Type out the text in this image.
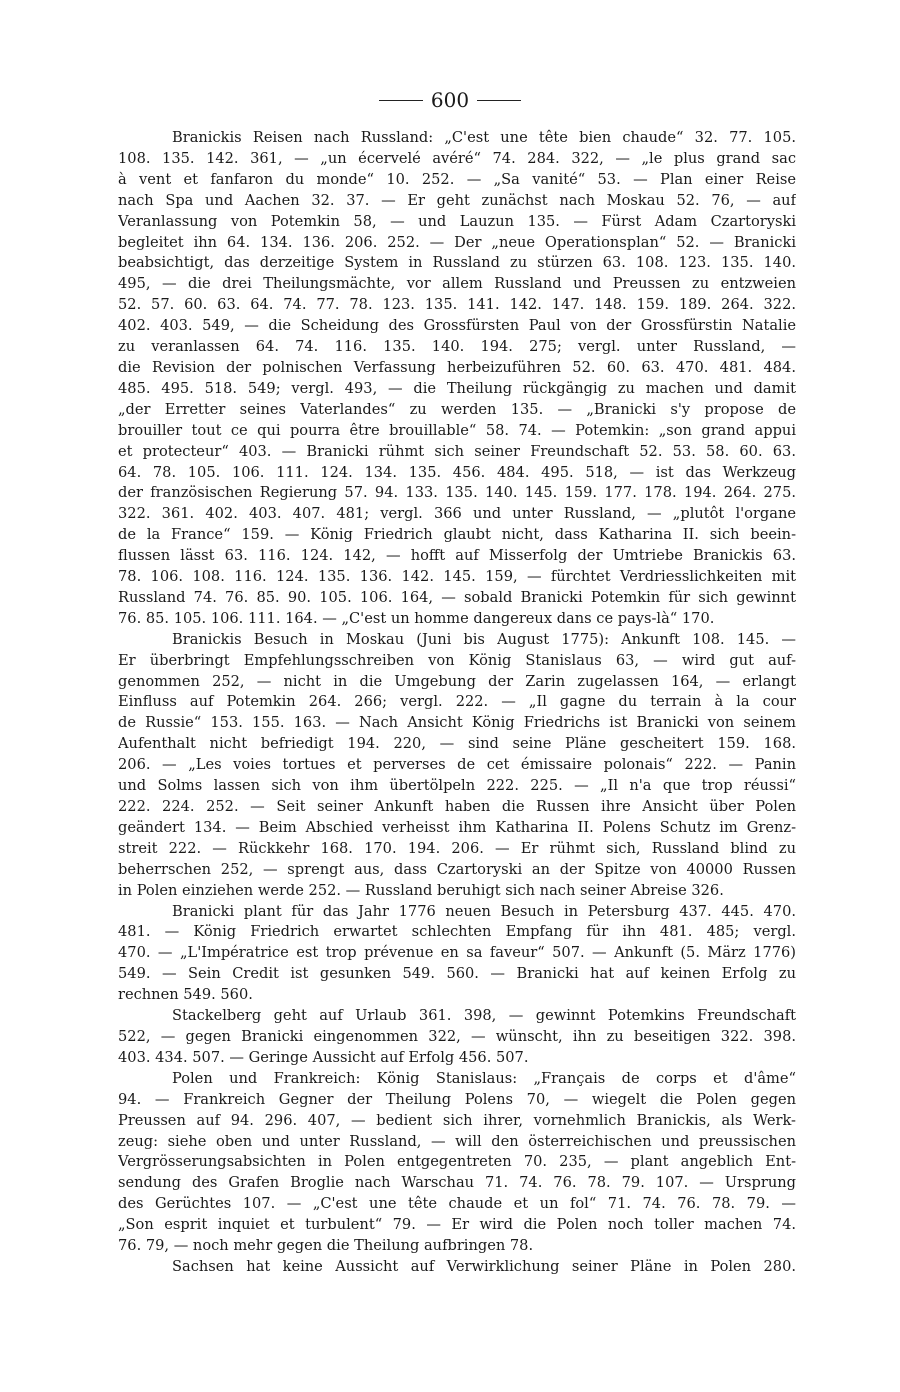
600
Branickis Reisen nach Russland: „C'est une tête bien chaude“ 32. 77. 105.
108. 135. 142. 361, — „un écervelé avéré“ 74. 284. 322, — „le plus grand sac
à vent et fanfaron du monde“ 10. 252. — „Sa vanité“ 53. — Plan einer Reise
nach Spa und Aachen 32. 37. — Er geht zunächst nach Moskau 52. 76, — auf
Veranlassung von Potemkin 58, — und Lauzun 135. — Fürst Adam Czartoryski
begleitet ihn 64. 134. 136. 206. 252. — Der „neue Operationsplan“ 52. — Branicki
beabsichtigt, das derzeitige System in Russland zu stürzen 63. 108. 123. 135. 140.
495, — die drei Theilungsmächte, vor allem Russland und Preussen zu entzweien
52. 57. 60. 63. 64. 74. 77. 78. 123. 135. 141. 142. 147. 148. 159. 189. 264. 322.
402. 403. 549, — die Scheidung des Grossfürsten Paul von der Grossfürstin Natalie
zu veranlassen 64. 74. 116. 135. 140. 194. 275; vergl. unter Russland, —
die Revision der polnischen Verfassung herbeizuführen 52. 60. 63. 470. 481. 484.
485. 495. 518. 549; vergl. 493, — die Theilung rückgängig zu machen und damit
„der Erretter seines Vaterlandes“ zu werden 135. — „Branicki s'y propose de
brouiller tout ce qui pourra être brouillable“ 58. 74. — Potemkin: „son grand appui
et protecteur“ 403. — Branicki rühmt sich seiner Freundschaft 52. 53. 58. 60. 63.
64. 78. 105. 106. 111. 124. 134. 135. 456. 484. 495. 518, — ist das Werkzeug
der französischen Regierung 57. 94. 133. 135. 140. 145. 159. 177. 178. 194. 264. 275.
322. 361. 402. 403. 407. 481; vergl. 366 und unter Russland, — „plutôt l'organe
de la France“ 159. — König Friedrich glaubt nicht, dass Katharina II. sich beein-
flussen lässt 63. 116. 124. 142, — hofft auf Misserfolg der Umtriebe Branickis 63.
78. 106. 108. 116. 124. 135. 136. 142. 145. 159, — fürchtet Verdriesslichkeiten mit
Russland 74. 76. 85. 90. 105. 106. 164, — sobald Branicki Potemkin für sich gewinnt
76. 85. 105. 106. 111. 164. — „C'est un homme dangereux dans ce pays-là“ 170.
Branickis Besuch in Moskau (Juni bis August 1775): Ankunft 108. 145. —
Er überbringt Empfehlungsschreiben von König Stanislaus 63, — wird gut auf-
genommen 252, — nicht in die Umgebung der Zarin zugelassen 164, — erlangt
Einfluss auf Potemkin 264. 266; vergl. 222. — „Il gagne du terrain à la cour
de Russie“ 153. 155. 163. — Nach Ansicht König Friedrichs ist Branicki von seinem
Aufenthalt nicht befriedigt 194. 220, — sind seine Pläne gescheitert 159. 168.
206. — „Les voies tortues et perverses de cet émissaire polonais“ 222. — Panin
und Solms lassen sich von ihm übertölpeln 222. 225. — „Il n'a que trop réussi“
222. 224. 252. — Seit seiner Ankunft haben die Russen ihre Ansicht über Polen
geändert 134. — Beim Abschied verheisst ihm Katharina II. Polens Schutz im Grenz-
streit 222. — Rückkehr 168. 170. 194. 206. — Er rühmt sich, Russland blind zu
beherrschen 252, — sprengt aus, dass Czartoryski an der Spitze von 40000 Russen
in Polen einziehen werde 252. — Russland beruhigt sich nach seiner Abreise 326.
Branicki plant für das Jahr 1776 neuen Besuch in Petersburg 437. 445. 470.
481. — König Friedrich erwartet schlechten Empfang für ihn 481. 485; vergl.
470. — „L'Impératrice est trop prévenue en sa faveur“ 507. — Ankunft (5. März 1776)
549. — Sein Credit ist gesunken 549. 560. — Branicki hat auf keinen Erfolg zu
rechnen 549. 560.
Stackelberg geht auf Urlaub 361. 398, — gewinnt Potemkins Freundschaft
522, — gegen Branicki eingenommen 322, — wünscht, ihn zu beseitigen 322. 398.
403. 434. 507. — Geringe Aussicht auf Erfolg 456. 507.
Polen und Frankreich: König Stanislaus: „Français de corps et d'âme“
94. — Frankreich Gegner der Theilung Polens 70, — wiegelt die Polen gegen
Preussen auf 94. 296. 407, — bedient sich ihrer, vornehmlich Branickis, als Werk-
zeug: siehe oben und unter Russland, — will den österreichischen und preussischen
Vergrösserungsabsichten in Polen entgegentreten 70. 235, — plant angeblich Ent-
sendung des Grafen Broglie nach Warschau 71. 74. 76. 78. 79. 107. — Ursprung
des Gerüchtes 107. — „C'est une tête chaude et un fol“ 71. 74. 76. 78. 79. —
„Son esprit inquiet et turbulent“ 79. — Er wird die Polen noch toller machen 74.
76. 79, — noch mehr gegen die Theilung aufbringen 78.
Sachsen hat keine Aussicht auf Verwirklichung seiner Pläne in Polen 280.
